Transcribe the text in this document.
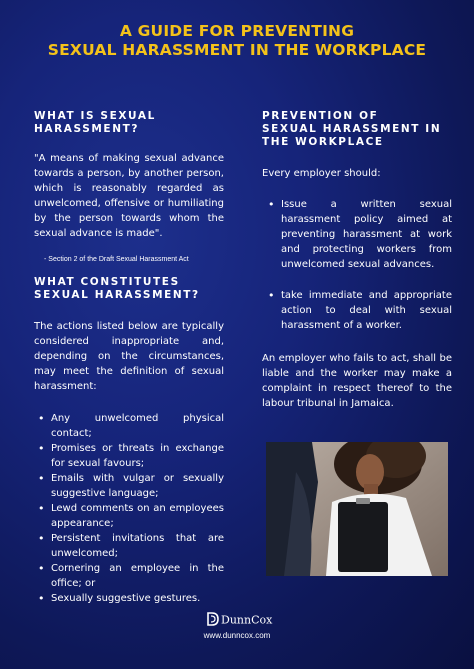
A GUIDE FOR PREVENTING
SEXUAL HARASSMENT IN THE WORKPLACE
WHAT IS SEXUAL
HARASSMENT?
"A means of making sexual advance towards a person, by another person, which is reasonably regarded as unwelcomed, offensive or humiliating by the person towards whom the sexual advance is made".
- Section 2 of the Draft Sexual Harassment Act
WHAT CONSTITUTES
SEXUAL HARASSMENT?
The actions listed below are typically considered inappropriate and, depending on the circumstances, may meet the definition of sexual harassment:
• Any unwelcomed physical contact;
• Promises or threats in exchange for sexual favours;
• Emails with vulgar or sexually suggestive language;
• Lewd comments on an employees appearance;
• Persistent invitations that are unwelcomed;
• Cornering an employee in the office; or
• Sexually suggestive gestures.
PREVENTION OF
SEXUAL HARASSMENT IN
THE WORKPLACE
Every employer should:
• Issue a written sexual harassment policy aimed at preventing harassment at work and protecting workers from unwelcomed sexual advances.
• take immediate and appropriate action to deal with sexual harassment of a worker.
An employer who fails to act, shall be liable and the worker may make a complaint in respect thereof to the labour tribunal in Jamaica.
DunnCox
www.dunncox.com
